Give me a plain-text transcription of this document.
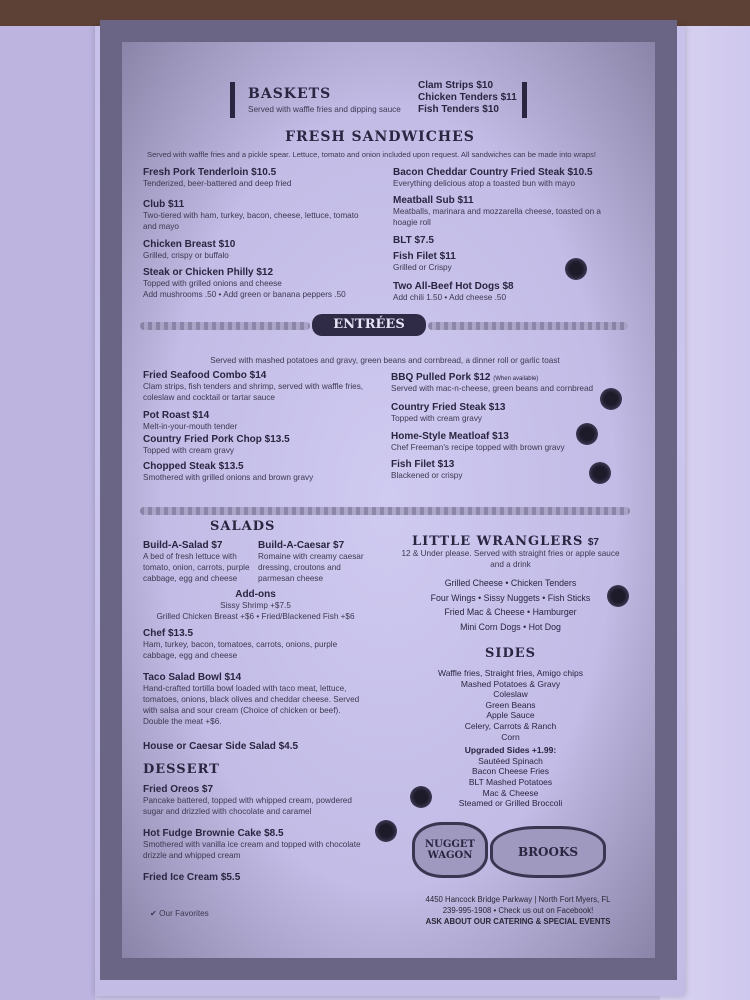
BASKETS
Served with waffle fries and dipping sauce
Clam Strips $10
Chicken Tenders $11
Fish Tenders $10
FRESH SANDWICHES
Served with waffle fries and a pickle spear. Lettuce, tomato and onion included upon request. All sandwiches can be made into wraps!
Fresh Pork Tenderloin $10.5
Tenderized, beer-battered and deep fried
Club $11
Two-tiered with ham, turkey, bacon, cheese, lettuce, tomato and mayo
Chicken Breast $10
Grilled, crispy or buffalo
Steak or Chicken Philly $12
Topped with grilled onions and cheese
Add mushrooms .50 • Add green or banana peppers .50
Bacon Cheddar Country Fried Steak $10.5
Everything delicious atop a toasted bun with mayo
Meatball Sub $11
Meatballs, marinara and mozzarella cheese, toasted on a hoagie roll
BLT $7.5
Fish Filet $11
Grilled or Crispy
Two All-Beef Hot Dogs $8
Add chili 1.50 • Add cheese .50
ENTRÉES
Served with mashed potatoes and gravy, green beans and cornbread, a dinner roll or garlic toast
Fried Seafood Combo $14
Clam strips, fish tenders and shrimp, served with waffle fries, coleslaw and cocktail or tartar sauce
Pot Roast $14
Melt-in-your-mouth tender
Country Fried Pork Chop $13.5
Topped with cream gravy
Chopped Steak $13.5
Smothered with grilled onions and brown gravy
BBQ Pulled Pork $12 (When available)
Served with mac-n-cheese, green beans and cornbread
Country Fried Steak $13
Topped with cream gravy
Home-Style Meatloaf $13
Chef Freeman's recipe topped with brown gravy
Fish Filet $13
Blackened or crispy
SALADS
Build-A-Salad $7
A bed of fresh lettuce with tomato, onion, carrots, purple cabbage, egg and cheese
Build-A-Caesar $7
Romaine with creamy caesar dressing, croutons and parmesan cheese
Add-ons
Sissy Shrimp +$7.5
Grilled Chicken Breast +$6 • Fried/Blackened Fish +$6
Chef $13.5
Ham, turkey, bacon, tomatoes, carrots, onions, purple cabbage, egg and cheese
Taco Salad Bowl $14
Hand-crafted tortilla bowl loaded with taco meat, lettuce, tomatoes, onions, black olives and cheddar cheese. Served with salsa and sour cream (Choice of chicken or beef). Double the meat +$6.
House or Caesar Side Salad $4.5
DESSERT
Fried Oreos $7
Pancake battered, topped with whipped cream, powdered sugar and drizzled with chocolate and caramel
Hot Fudge Brownie Cake $8.5
Smothered with vanilla ice cream and topped with chocolate drizzle and whipped cream
Fried Ice Cream $5.5
✔ Our Favorites
LITTLE WRANGLERS $7
12 & Under please. Served with straight fries or apple sauce and a drink
Grilled Cheese • Chicken Tenders
Four Wings • Sissy Nuggets • Fish Sticks
Fried Mac & Cheese • Hamburger
Mini Corn Dogs • Hot Dog
SIDES
Waffle fries, Straight fries, Amigo chips
Mashed Potatoes & Gravy
Coleslaw
Green Beans
Apple Sauce
Celery, Carrots & Ranch
Corn
Upgraded Sides +1.99:
Sautéed Spinach
Bacon Cheese Fries
BLT Mashed Potatoes
Mac & Cheese
Steamed or Grilled Broccoli
NUGGET WAGON	BROOKS
4450 Hancock Bridge Parkway | North Fort Myers, FL
239-995-1908 • Check us out on Facebook!
ASK ABOUT OUR CATERING & SPECIAL EVENTS
